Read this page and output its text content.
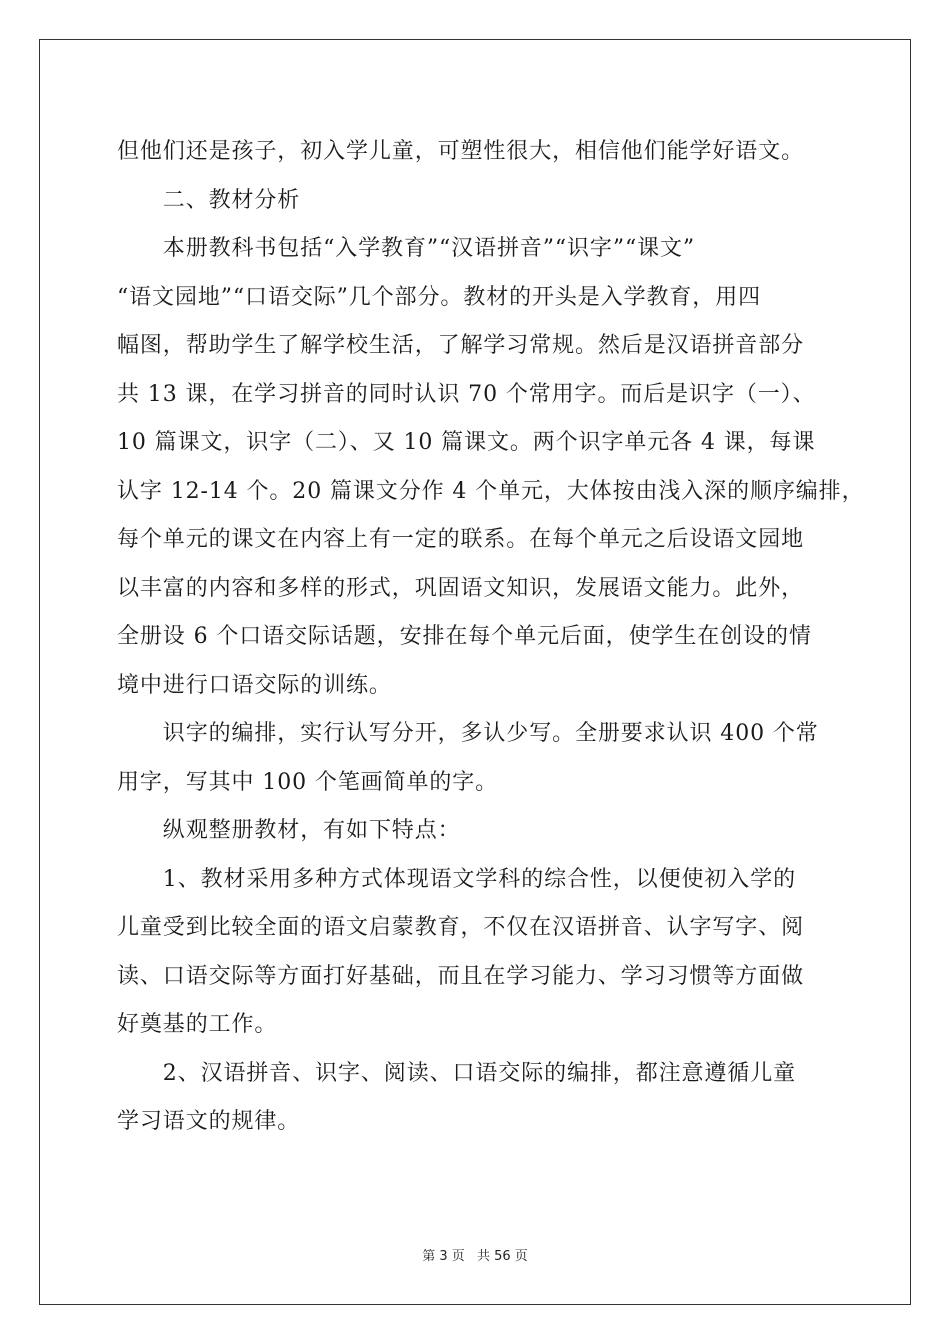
但他们还是孩子，初入学儿童，可塑性很大，相信他们能学好语文。
　　二、教材分析
　　本册教科书包括“入学教育”“汉语拼音”“识字”“课文”
“语文园地”“口语交际”几个部分。教材的开头是入学教育，用四
幅图，帮助学生了解学校生活，了解学习常规。然后是汉语拼音部分
共 13 课，在学习拼音的同时认识 70 个常用字。而后是识字（一）、
10 篇课文，识字（二）、又 10 篇课文。两个识字单元各 4 课，每课
认字 12-14 个。20 篇课文分作 4 个单元，大体按由浅入深的顺序编排，
每个单元的课文在内容上有一定的联系。在每个单元之后设语文园地
以丰富的内容和多样的形式，巩固语文知识，发展语文能力。此外，
全册设 6 个口语交际话题，安排在每个单元后面，使学生在创设的情
境中进行口语交际的训练。
　　识字的编排，实行认写分开，多认少写。全册要求认识 400 个常
用字，写其中 100 个笔画简单的字。
　　纵观整册教材，有如下特点：
　　1、教材采用多种方式体现语文学科的综合性，以便使初入学的
儿童受到比较全面的语文启蒙教育，不仅在汉语拼音、认字写字、阅
读、口语交际等方面打好基础，而且在学习能力、学习习惯等方面做
好奠基的工作。
　　2、汉语拼音、识字、阅读、口语交际的编排，都注意遵循儿童
学习语文的规律。
第 3 页 共 56 页
